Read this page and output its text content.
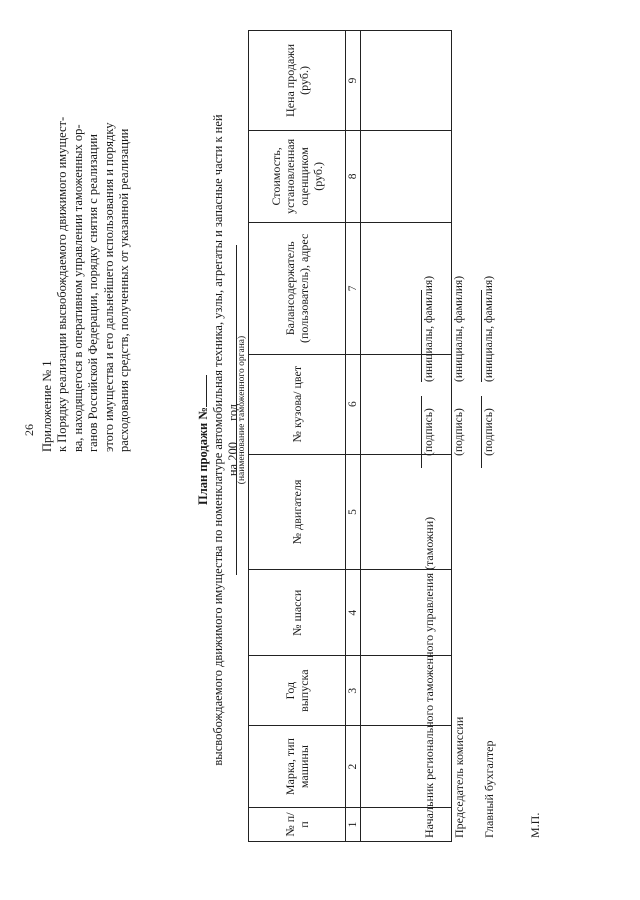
26 Приложение № 1 к Порядку реализации высвобождаемого движимого имущест- ва, находящегося в оперативном управлении таможенных ор- ганов Российской Федерации, порядку снятия с реализации этого имущества и его дальнейшего использования и порядку расходования средств, полученных от указанной реализации
План продажи № высвобождаемого движимого имущества по номенклатуре автомобильная техника, узлы, агрегаты и запасные части к ней на 200 год
(наименование таможенного органа)
№ п/п	Марка, тип машины	Год выпуска	№ шасси	№ двигателя	№ кузова/ цвет	Балансодержатель (пользователь), адрес	Стоимость, установленная оценщиком (руб.)	Цена продажи (руб.)
1	2	3	4	5	6	7	8	9

Начальник регионального таможенного управления (таможни)
(подпись)
(инициалы, фамилия)
Председатель комиссии
(подпись)
(инициалы, фамилия)
Главный бухгалтер
(подпись)
(инициалы, фамилия)
М.П.
